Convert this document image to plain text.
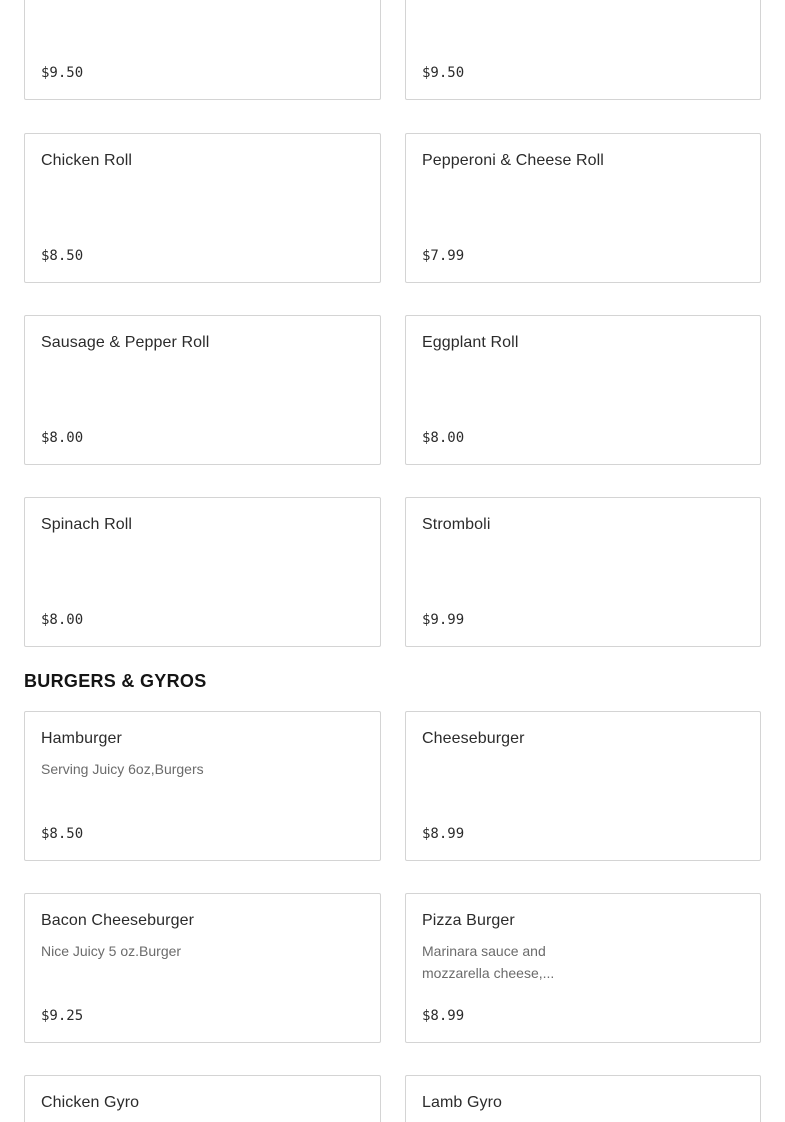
$9.50	$9.50
Chicken Roll
$8.50
Pepperoni & Cheese Roll
$7.99
Sausage & Pepper Roll
$8.00
Eggplant Roll
$8.00
Spinach Roll
$8.00
Stromboli
$9.99
BURGERS & GYROS
Hamburger
Serving Juicy 6oz,Burgers
$8.50
Cheeseburger
$8.99
Bacon Cheeseburger
Nice Juicy 5 oz.Burger
$9.25
Pizza Burger
Marinara sauce and mozzarella cheese,...
$8.99
Chicken Gyro	Lamb Gyro
